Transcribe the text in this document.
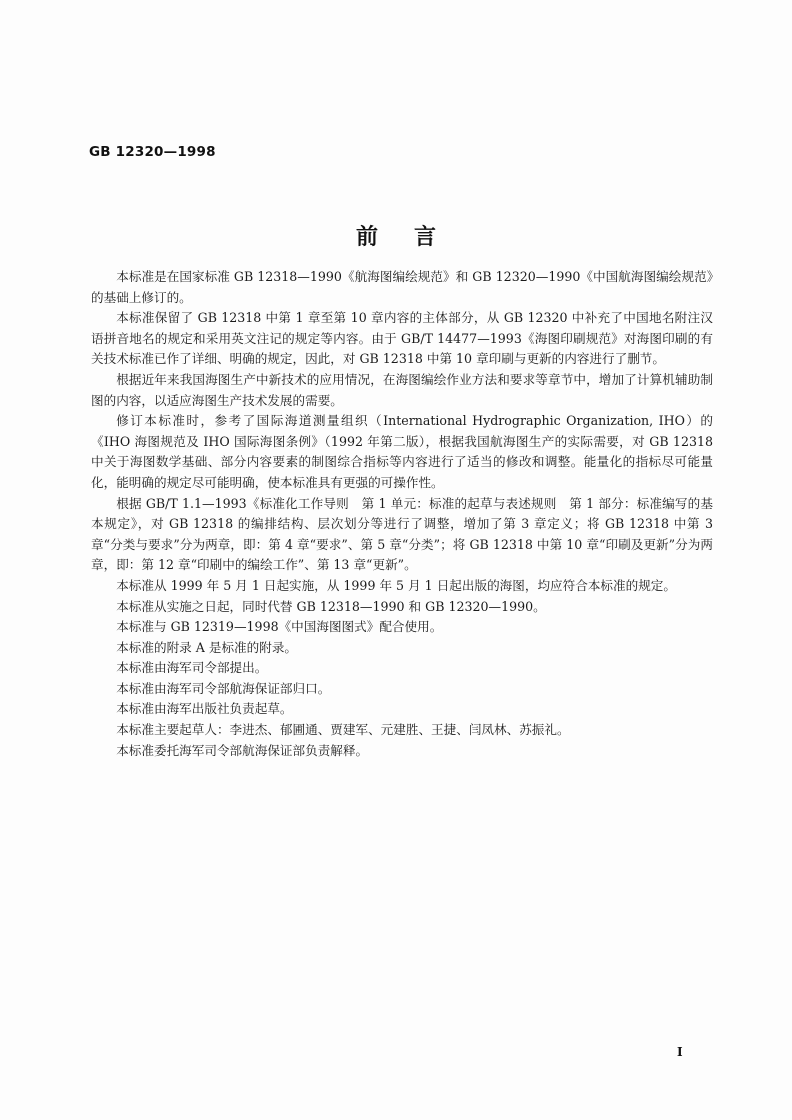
GB 12320—1998
前言

本标准是在国家标准 GB 12318—1990《航海图编绘规范》和 GB 12320—1990《中国航海图编绘规范》的基础上修订的。

本标准保留了 GB 12318 中第 1 章至第 10 章内容的主体部分，从 GB 12320 中补充了中国地名附注汉语拼音地名的规定和采用英文注记的规定等内容。由于 GB/T 14477—1993《海图印刷规范》对海图印刷的有关技术标准已作了详细、明确的规定，因此，对 GB 12318 中第 10 章印刷与更新的内容进行了删节。

根据近年来我国海图生产中新技术的应用情况，在海图编绘作业方法和要求等章节中，增加了计算机辅助制图的内容，以适应海图生产技术发展的需要。

修订本标准时，参考了国际海道测量组织（International Hydrographic Organization, IHO）的《IHO 海图规范及 IHO 国际海图条例》（1992 年第二版），根据我国航海图生产的实际需要，对 GB 12318 中关于海图数学基础、部分内容要素的制图综合指标等内容进行了适当的修改和调整。能量化的指标尽可能量化，能明确的规定尽可能明确，使本标准具有更强的可操作性。

根据 GB/T 1.1—1993《标准化工作导则　第 1 单元：标准的起草与表述规则　第 1 部分：标准编写的基本规定》，对 GB 12318 的编排结构、层次划分等进行了调整，增加了第 3 章定义；将 GB 12318 中第 3 章“分类与要求”分为两章，即：第 4 章“要求”、第 5 章“分类”；将 GB 12318 中第 10 章“印刷及更新”分为两章，即：第 12 章“印刷中的编绘工作”、第 13 章“更新”。

本标准从 1999 年 5 月 1 日起实施，从 1999 年 5 月 1 日起出版的海图，均应符合本标准的规定。

本标准从实施之日起，同时代替 GB 12318—1990 和 GB 12320—1990。

本标准与 GB 12319—1998《中国海图图式》配合使用。

本标准的附录 A 是标准的附录。

本标准由海军司令部提出。

本标准由海军司令部航海保证部归口。

本标准由海军出版社负责起草。

本标准主要起草人：李进杰、郁圃通、贾建军、元建胜、王捷、闫凤林、苏振礼。

本标准委托海军司令部航海保证部负责解释。

Ⅰ
